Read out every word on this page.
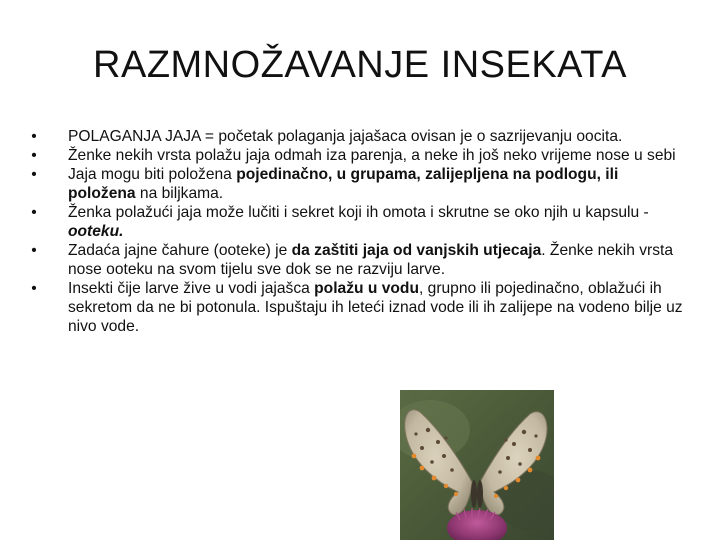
RAZMNOŽAVANJE INSEKATA
• POLAGANJA JAJA = početak polaganja jajašaca ovisan je o sazrijevanju oocita.
• Ženke nekih vrsta polažu jaja odmah iza parenja, a neke ih još neko vrijeme nose u sebi
• Jaja mogu biti položena pojedinačno, u grupama, zalijepljena na podlogu, ili položena na biljkama.
• Ženka polažući jaja može lučiti i sekret koji ih omota i skrutne se oko njih u kapsulu - ooteku.
• Zadaća jajne čahure (ooteke) je da zaštiti jaja od vanjskih utjecaja. Ženke nekih vrsta nose ooteku na svom tijelu sve dok se ne razviju larve.
• Insekti čije larve žive u vodi jajašca polažu u vodu, grupno ili pojedinačno, oblažući ih sekretom da ne bi potonula. Ispuštaju ih leteći iznad vode ili ih zalijepe na vodeno bilje uz nivo vode.
